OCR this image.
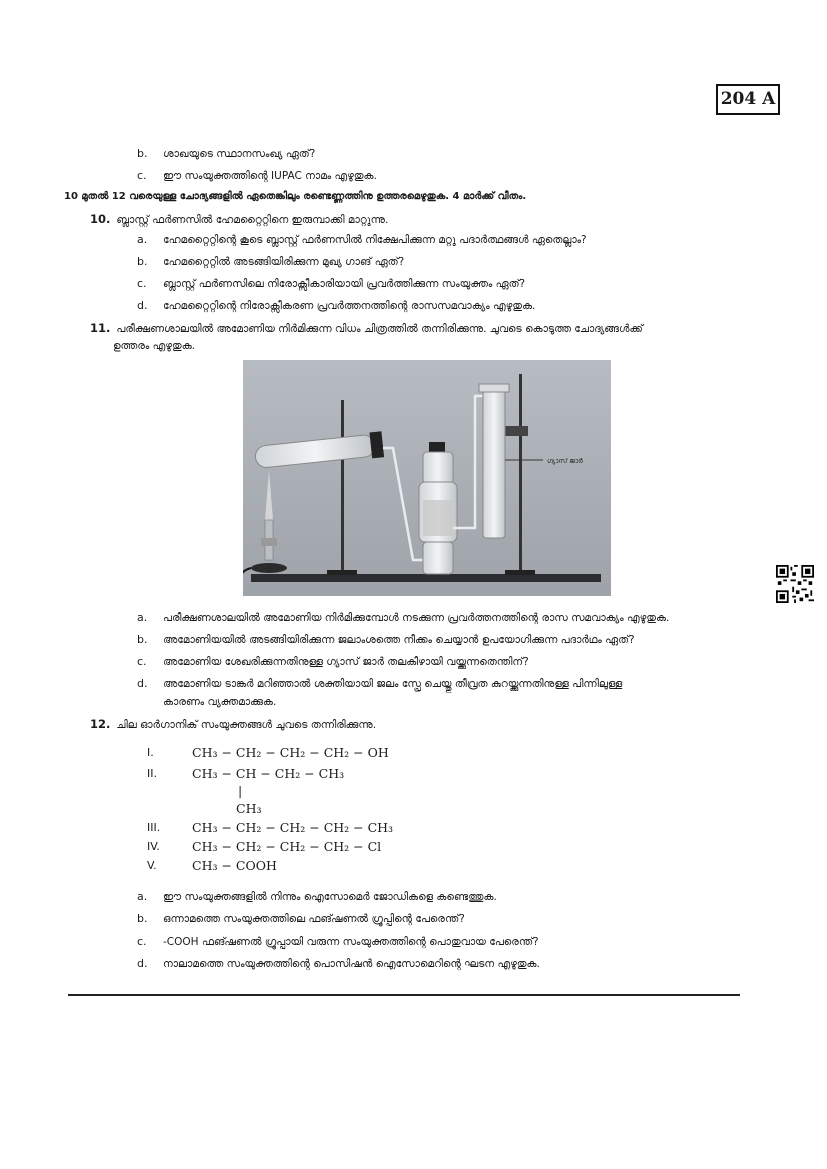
204 A
b. ശാഖയുടെ സ്ഥാനസംഖ്യ ഏത്?
c. ഈ സംയുക്തത്തിന്റെ IUPAC നാമം എഴുതുക.
10 മുതൽ 12 വരെയുള്ള ചോദ്യങ്ങളിൽ ഏതെങ്കിലും രണ്ടെണ്ണത്തിനു ഉത്തരമെഴുതുക. 4 മാർക്ക് വീതം.
10. ബ്ലാസ്റ്റ് ഫർണസിൽ ഹേമറ്റൈറ്റിനെ ഇരുമ്പാക്കി മാറ്റുന്നു.
a. ഹേമറ്റൈറ്റിന്റെ കൂടെ ബ്ലാസ്റ്റ് ഫർണസിൽ നിക്ഷേപിക്കുന്ന മറ്റു പദാർത്ഥങ്ങൾ ഏതെല്ലാം?
b. ഹേമറ്റൈറ്റിൽ അടങ്ങിയിരിക്കുന്ന മുഖ്യ ഗാങ് ഏത്?
c. ബ്ലാസ്റ്റ് ഫർണസിലെ നിരോക്സീകാരിയായി പ്രവർത്തിക്കുന്ന സംയുക്തം ഏത്?
d. ഹേമറ്റൈറ്റിന്റെ നിരോക്സീകരണ പ്രവർത്തനത്തിന്റെ രാസസമവാക്യം എഴുതുക.
11. പരീക്ഷണശാലയിൽ അമോണിയ നിർമിക്കുന്ന വിധം ചിത്രത്തിൽ തന്നിരിക്കുന്നു. ചുവടെ കൊടുത്ത ചോദ്യങ്ങൾക്ക്
ഉത്തരം എഴുതുക.
ഗ്യാസ് ജാർ
a. പരീക്ഷണശാലയിൽ അമോണിയ നിർമിക്കുമ്പോൾ നടക്കുന്ന പ്രവർത്തനത്തിന്റെ രാസ സമവാക്യം എഴുതുക.
b. അമോണിയയിൽ അടങ്ങിയിരിക്കുന്ന ജലാംശത്തെ നീക്കം ചെയ്യാൻ ഉപയോഗിക്കുന്ന പദാർഥം ഏത്?
c. അമോണിയ ശേഖരിക്കുന്നതിനുള്ള ഗ്യാസ് ജാർ തലകീഴായി വയ്ക്കുന്നതെന്തിന്?
d. അമോണിയ ടാങ്കർ മറിഞ്ഞാൽ ശക്തിയായി ജലം സ്പ്രേ ചെയ്തു തീവ്രത കുറയ്ക്കുന്നതിനുള്ള പിന്നിലുള്ള
കാരണം വ്യക്തമാക്കുക.
12. ചില ഓർഗാനിക് സംയുക്തങ്ങൾ ചുവടെ തന്നിരിക്കുന്നു.
I.	CH₃ − CH₂ − CH₂ − CH₂ − OH
II.	CH₃ − CH − CH₂ − CH₃
|
CH₃
III.	CH₃ − CH₂ − CH₂ − CH₂ − CH₃
IV.	CH₃ − CH₂ − CH₂ − CH₂ − Cl
V.	CH₃ − COOH
a. ഈ സംയുക്തങ്ങളിൽ നിന്നും ഐസോമെർ ജോഡികളെ കണ്ടെത്തുക.
b. ഒന്നാമത്തെ സംയുക്തത്തിലെ ഫങ്ഷണൽ ഗ്രൂപ്പിന്റെ പേരെന്ത്?
c. -COOH ഫങ്ഷണൽ ഗ്രൂപ്പായി വരുന്ന സംയുക്തത്തിന്റെ പൊതുവായ പേരെന്ത്?
d. നാലാമത്തെ സംയുക്തത്തിന്റെ പൊസിഷൻ ഐസോമെറിന്റെ ഘടന എഴുതുക.
